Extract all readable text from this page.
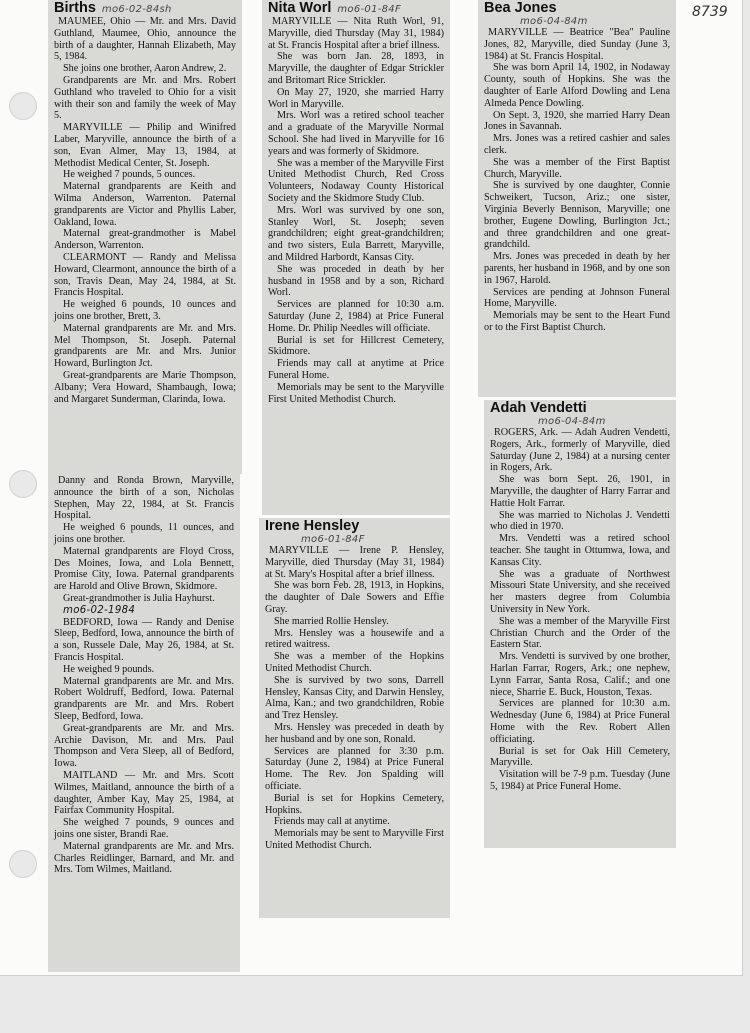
8739
Births mo6-02-84sh

MAUMEE, Ohio — Mr. and Mrs. David Guthland, Maumee, Ohio, announce the birth of a daughter, Hannah Elizabeth, May 5, 1984.

She joins one brother, Aaron Andrew, 2.

Grandparents are Mr. and Mrs. Robert Guthland who traveled to Ohio for a visit with their son and family the week of May 5.

MARYVILLE — Philip and Winifred Laber, Maryville, announce the birth of a son, Evan Almer, May 13, 1984, at Methodist Medical Center, St. Joseph.

He weighed 7 pounds, 5 ounces.

Maternal grandparents are Keith and Wilma Anderson, Warrenton. Paternal grandparents are Victor and Phyllis Laber, Oakland, Iowa.

Maternal great-grandmother is Mabel Anderson, Warrenton.

CLEARMONT — Randy and Melissa Howard, Clearmont, announce the birth of a son, Travis Dean, May 24, 1984, at St. Francis Hospital.

He weighed 6 pounds, 10 ounces and joins one brother, Brett, 3.

Maternal grandparents are Mr. and Mrs. Mel Thompson, St. Joseph. Paternal grandparents are Mr. and Mrs. Junior Howard, Burlington Jct.

Great-grandparents are Marie Thompson, Albany; Vera Howard, Shambaugh, Iowa; and Margaret Sunderman, Clarinda, Iowa.

Danny and Ronda Brown, Maryville, announce the birth of a son, Nicholas Stephen, May 22, 1984, at St. Francis Hospital.

He weighed 6 pounds, 11 ounces, and joins one brother.

Maternal grandparents are Floyd Cross, Des Moines, Iowa, and Lola Bennett, Promise City, Iowa. Paternal grandparents are Harold and Olive Brown, Skidmore.

Great-grandmother is Julia Hayhurst.

mo6-02-1984

BEDFORD, Iowa — Randy and Denise Sleep, Bedford, Iowa, announce the birth of a son, Russele Dale, May 26, 1984, at St. Francis Hospital.

He weighed 9 pounds.

Maternal grandparents are Mr. and Mrs. Robert Woldruff, Bedford, Iowa. Paternal grandparents are Mr. and Mrs. Robert Sleep, Bedford, Iowa.

Great-grandparents are Mr. and Mrs. Archie Davison, Mr. and Mrs. Paul Thompson and Vera Sleep, all of Bedford, Iowa.

MAITLAND — Mr. and Mrs. Scott Wilmes, Maitland, announce the birth of a daughter, Amber Kay, May 25, 1984, at Fairfax Community Hospital.

She weighed 7 pounds, 9 ounces and joins one sister, Brandi Rae.

Maternal grandparents are Mr. and Mrs. Charles Reidlinger, Barnard, and Mr. and Mrs. Tom Wilmes, Maitland.

Nita Worl mo6-01-84F

MARYVILLE — Nita Ruth Worl, 91, Maryville, died Thursday (May 31, 1984) at St. Francis Hospital after a brief illness.

She was born Jan. 28, 1893, in Maryville, the daughter of Edgar Strickler and Britomart Rice Strickler.

On May 27, 1920, she married Harry Worl in Maryville.

Mrs. Worl was a retired school teacher and a graduate of the Maryville Normal School. She had lived in Maryville for 16 years and was formerly of Skidmore.

She was a member of the Maryville First United Methodist Church, Red Cross Volunteers, Nodaway County Historical Society and the Skidmore Study Club.

Mrs. Worl was survived by one son, Stanley Worl, St. Joseph; seven grandchildren; eight great-grandchildren; and two sisters, Eula Barrett, Maryville, and Mildred Harbordt, Kansas City.

She was proceded in death by her husband in 1958 and by a son, Richard Worl.

Services are planned for 10:30 a.m. Saturday (June 2, 1984) at Price Funeral Home. Dr. Philip Needles will officiate.

Burial is set for Hillcrest Cemetery, Skidmore.

Friends may call at anytime at Price Funeral Home.

Memorials may be sent to the Maryville First United Methodist Church.

Irene Hensley
mo6-01-84F

MARYVILLE — Irene P. Hensley, Maryville, died Thursday (May 31, 1984) at St. Mary's Hospital after a brief illness.

She was born Feb. 28, 1913, in Hopkins, the daughter of Dale Sowers and Effie Gray.

She married Rollie Hensley.

Mrs. Hensley was a housewife and a retired waitress.

She was a member of the Hopkins United Methodist Church.

She is survived by two sons, Darrell Hensley, Kansas City, and Darwin Hensley, Alma, Kan.; and two grandchildren, Robie and Trez Hensley.

Mrs. Hensley was preceded in death by her husband and by one son, Ronald.

Services are planned for 3:30 p.m. Saturday (June 2, 1984) at Price Funeral Home. The Rev. Jon Spalding will officiate.

Burial is set for Hopkins Cemetery, Hopkins.

Friends may call at anytime.

Memorials may be sent to Maryville First United Methodist Church.

Bea Jones
mo6-04-84m

MARYVILLE — Beatrice "Bea" Pauline Jones, 82, Maryville, died Sunday (June 3, 1984) at St. Francis Hospital.

She was born April 14, 1902, in Nodaway County, south of Hopkins. She was the daughter of Earle Alford Dowling and Lena Almeda Pence Dowling.

On Sept. 3, 1920, she married Harry Dean Jones in Savannah.

Mrs. Jones was a retired cashier and sales clerk.

She was a member of the First Baptist Church, Maryville.

She is survived by one daughter, Connie Schweikert, Tucson, Ariz.; one sister, Virginia Beverly Bennison, Maryville; one brother, Eugene Dowling, Burlington Jct.; and three grandchildren and one great-grandchild.

Mrs. Jones was preceded in death by her parents, her husband in 1968, and by one son in 1967, Harold.

Services are pending at Johnson Funeral Home, Maryville.

Memorials may be sent to the Heart Fund or to the First Baptist Church.

Adah Vendetti
mo6-04-84m

ROGERS, Ark. — Adah Audren Vendetti, Rogers, Ark., formerly of Maryville, died Saturday (June 2, 1984) at a nursing center in Rogers, Ark.

She was born Sept. 26, 1901, in Maryville, the daughter of Harry Farrar and Hattie Holt Farrar.

She was married to Nicholas J. Vendetti who died in 1970.

Mrs. Vendetti was a retired school teacher. She taught in Ottumwa, Iowa, and Kansas City.

She was a graduate of Northwest Missouri State University, and she received her masters degree from Columbia University in New York.

She was a member of the Maryville First Christian Church and the Order of the Eastern Star.

Mrs. Vendetti is survived by one brother, Harlan Farrar, Rogers, Ark.; one nephew, Lynn Farrar, Santa Rosa, Calif.; and one niece, Sharrie E. Buck, Houston, Texas.

Services are planned for 10:30 a.m. Wednesday (June 6, 1984) at Price Funeral Home with the Rev. Robert Allen officiating.

Burial is set for Oak Hill Cemetery, Maryville.

Visitation will be 7-9 p.m. Tuesday (June 5, 1984) at Price Funeral Home.
